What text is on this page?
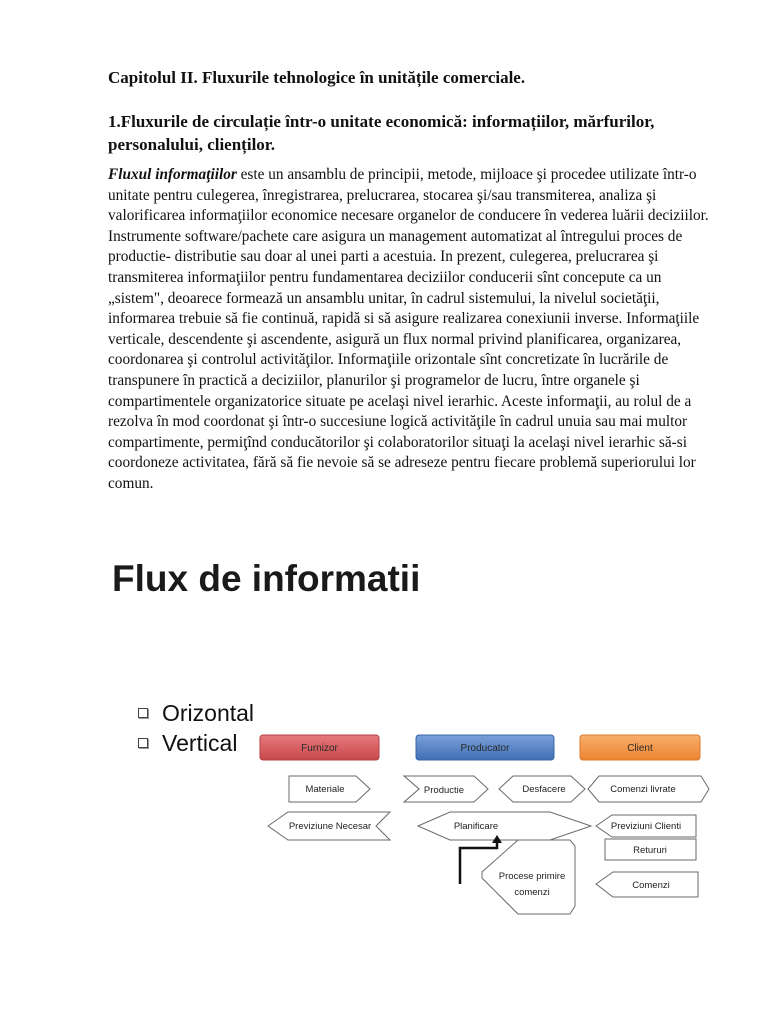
Capitolul II. Fluxurile tehnologice în unitățile comerciale.
1.Fluxurile de circulație într-o unitate economică: informațiilor, mărfurilor, personalului, clienților.

Fluxul informaţiilor este un ansamblu de principii, metode, mijloace şi procedee utilizate într-o unitate pentru culegerea, înregistrarea, prelucrarea, stocarea şi/sau transmiterea, analiza şi valorificarea informaţiilor economice necesare organelor de conducere în vederea luării deciziilor. Instrumente software/pachete care asigura un management automatizat al întregului proces de productie- distributie sau doar al unei parti a acestuia. In prezent, culegerea, prelucrarea şi transmiterea informaţiilor pentru fundamentarea deciziilor conducerii sînt concepute ca un „sistem", deoarece formează un ansamblu unitar, în cadrul sistemului, la nivelul societăţii, informarea trebuie să fie continuă, rapidă si să asigure realizarea conexiunii inverse. Informaţiile verticale, descendente şi ascendente, asigură un flux normal privind planificarea, organizarea, coordonarea şi controlul activităţilor. Informaţiile orizontale sînt concretizate în lucrările de transpunere în practică a deciziilor, planurilor şi programelor de lucru, între organele şi compartimentele organizatorice situate pe acelaşi nivel ierarhic. Aceste informaţii, au rolul de a rezolva în mod coordonat şi într-o succesiune logică activităţile în cadrul unuia sau mai multor compartimente, permiţînd conducătorilor şi colaboratorilor situaţi la acelaşi nivel ierarhic să-si coordoneze activitatea, fără să fie nevoie să se adreseze pentru fiecare problemă superiorului lor comun.

Flux de informatii
Orizontal
Vertical	Furnizor	Producator	Client
Materiale	Productie	Desfacere	Comenzi livrate
Previziune Necesar	Planificare	Previziuni Clienti
Retururi
Procese primire
comenzi
Comenzi
